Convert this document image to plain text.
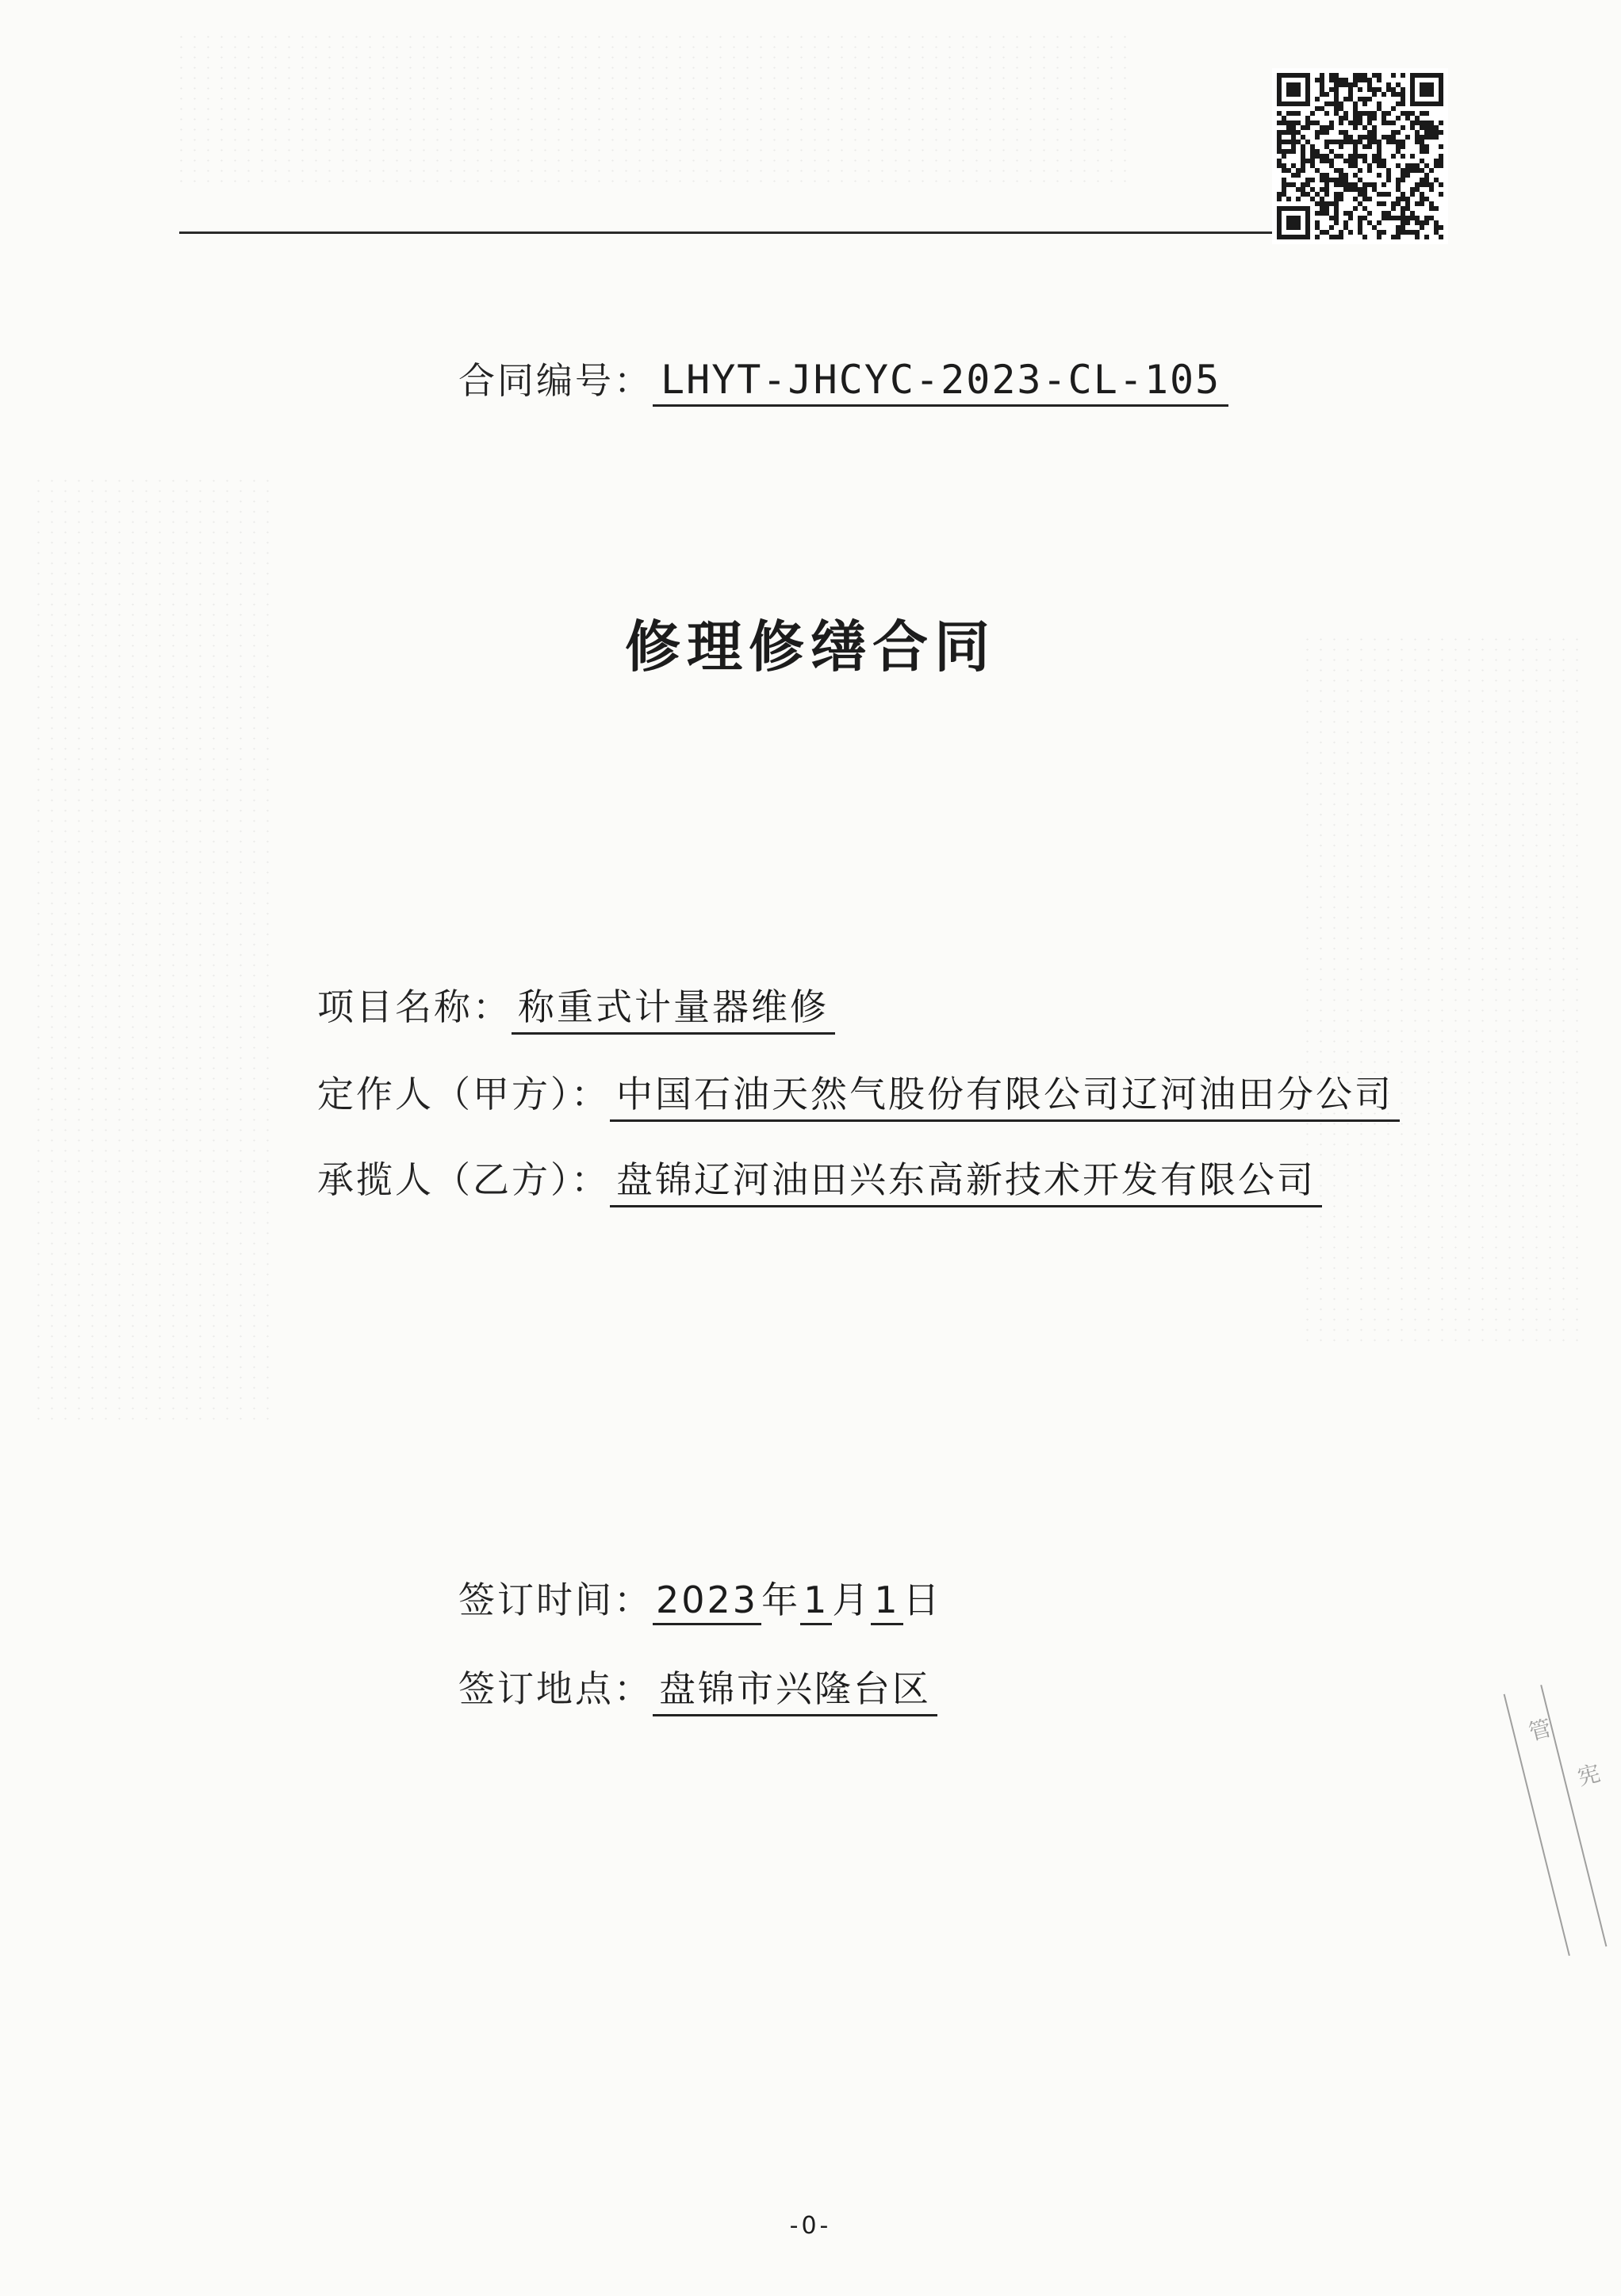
合同编号： LHYT-JHCYC-2023-CL-105
修理修缮合同
项目名称： 称重式计量器维修
定作人（甲方）： 中国石油天然气股份有限公司辽河油田分公司
承揽人（乙方）： 盘锦辽河油田兴东高新技术开发有限公司
签订时间：2023年1月1日
签订地点： 盘锦市兴隆台区
管
宪
-0-
